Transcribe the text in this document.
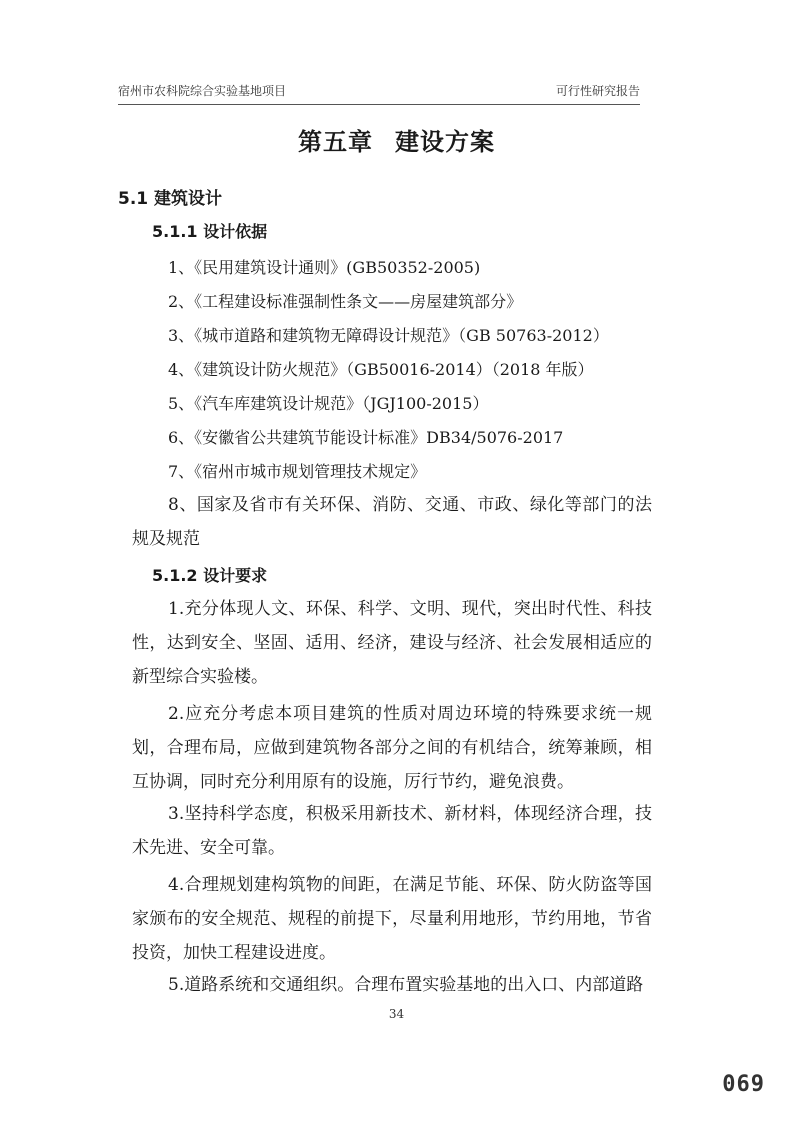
宿州市农科院综合实验基地项目	可行性研究报告
第五章 建设方案
5.1 建筑设计
5.1.1 设计依据
1、《民用建筑设计通则》(GB50352-2005)
2、《工程建设标准强制性条文——房屋建筑部分》
3、《城市道路和建筑物无障碍设计规范》（GB 50763-2012）
4、《建筑设计防火规范》（GB50016-2014）（2018 年版）
5、《汽车库建筑设计规范》（JGJ100-2015）
6、《安徽省公共建筑节能设计标准》DB34/5076-2017
7、《宿州市城市规划管理技术规定》

8、国家及省市有关环保、消防、交通、市政、绿化等部门的法规及规范

5.1.2 设计要求

1.充分体现人文、环保、科学、文明、现代，突出时代性、科技性，达到安全、坚固、适用、经济，建设与经济、社会发展相适应的新型综合实验楼。

2.应充分考虑本项目建筑的性质对周边环境的特殊要求统一规划，合理布局，应做到建筑物各部分之间的有机结合，统筹兼顾，相互协调，同时充分利用原有的设施，厉行节约，避免浪费。

3.坚持科学态度，积极采用新技术、新材料，体现经济合理，技术先进、安全可靠。

4.合理规划建构筑物的间距，在满足节能、环保、防火防盗等国家颁布的安全规范、规程的前提下，尽量利用地形，节约用地，节省投资，加快工程建设进度。

5.道路系统和交通组织。合理布置实验基地的出入口、内部道路

34
069
